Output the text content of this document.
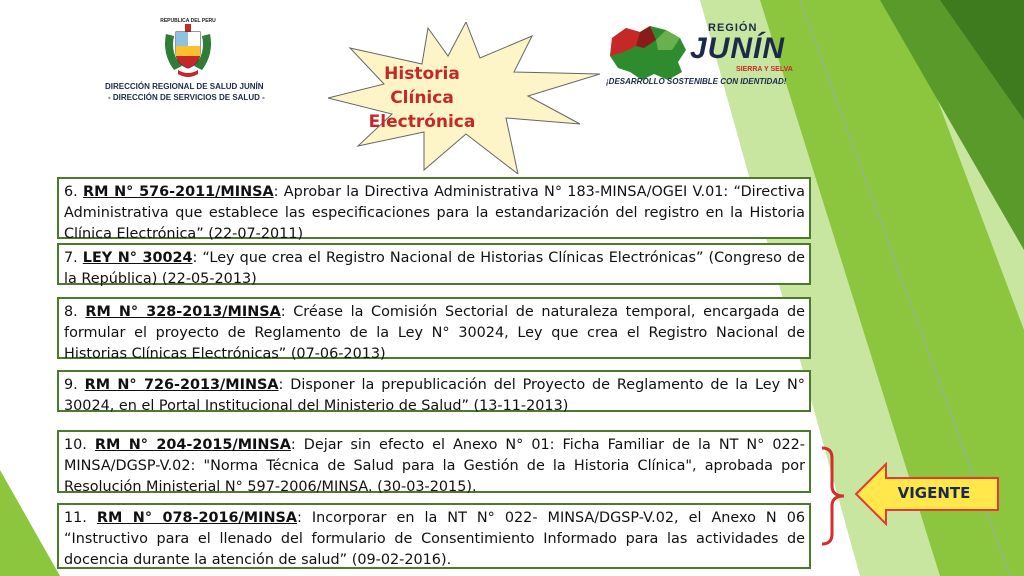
REPUBLICA DEL PERU
DIRECCIÓN REGIONAL DE SALUD JUNÍN
- DIRECCIÓN DE SERVICIOS DE SALUD -
Historia
Clínica
Electrónica
REGIÓN
JUNÍN
SIERRA Y SELVA
¡DESARROLLO SOSTENIBLE CON IDENTIDAD!
6. RM N° 576-2011/MINSA: Aprobar la Directiva Administrativa N° 183-MINSA/OGEI V.01: “Directiva Administrativa que establece las especificaciones para la estandarización del registro en la Historia Clínica Electrónica” (22-07-2011)
7. LEY N° 30024: “Ley que crea el Registro Nacional de Historias Clínicas Electrónicas” (Congreso de la República) (22-05-2013)
8. RM N° 328-2013/MINSA: Créase la Comisión Sectorial de naturaleza temporal, encargada de formular el proyecto de Reglamento de la Ley N° 30024, Ley que crea el Registro Nacional de Historias Clínicas Electrónicas” (07-06-2013)
9. RM N° 726-2013/MINSA: Disponer la prepublicación del Proyecto de Reglamento de la Ley N° 30024, en el Portal Institucional del Ministerio de Salud” (13-11-2013)
10. RM N° 204-2015/MINSA: Dejar sin efecto el Anexo N° 01: Ficha Familiar de la NT N° 022-MINSA/DGSP-V.02: "Norma Técnica de Salud para la Gestión de la Historia Clínica", aprobada por Resolución Ministerial N° 597-2006/MINSA. (30-03-2015).
11. RM N° 078-2016/MINSA: Incorporar en la NT N° 022- MINSA/DGSP-V.02, el Anexo N 06 “Instructivo para el llenado del formulario de Consentimiento Informado para las actividades de docencia durante la atención de salud” (09-02-2016).
VIGENTE
